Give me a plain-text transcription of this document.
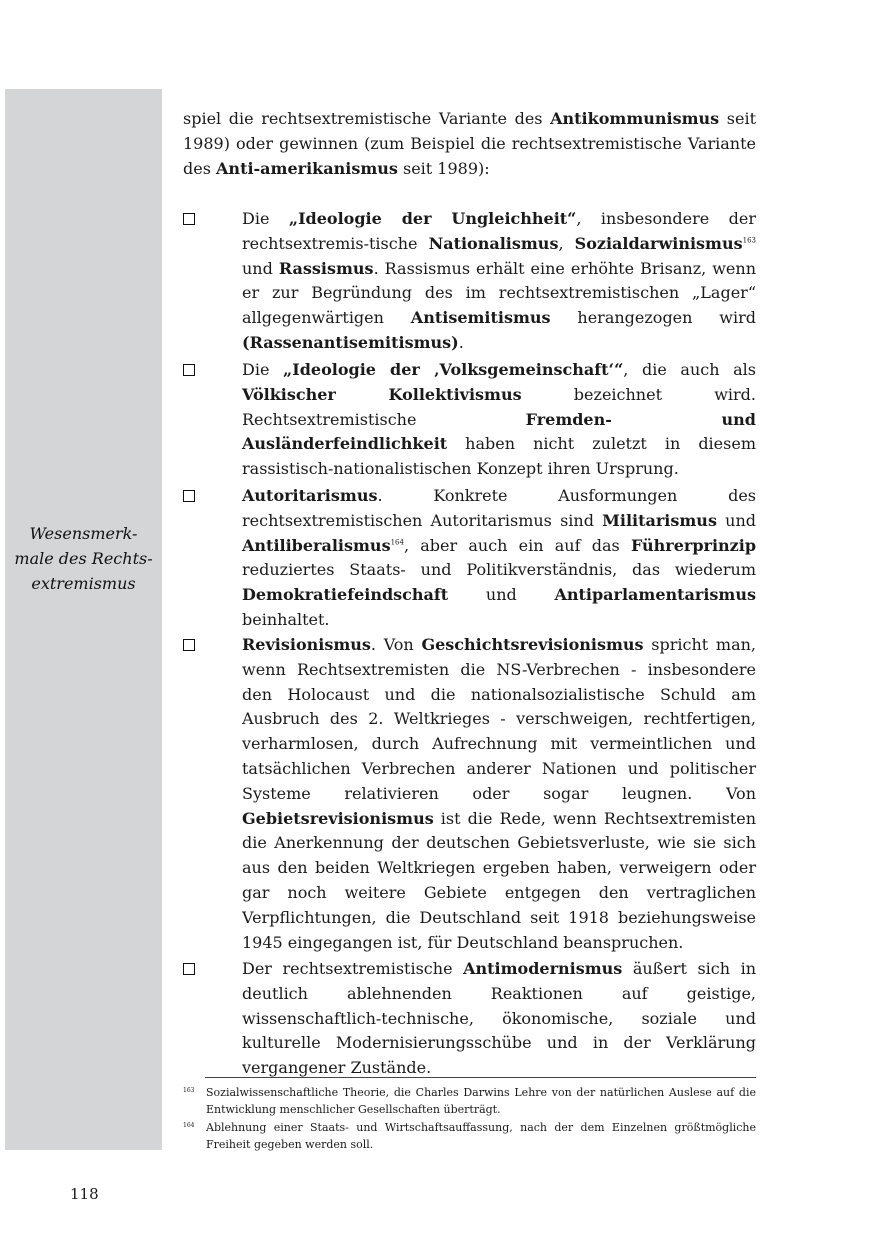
Wesensmerk-
male des Rechts-
extremismus
spiel die rechtsextremistische Variante des Antikommunismus seit 1989) oder gewinnen (zum Beispiel die rechtsextremistische Variante des Anti-amerikanismus seit 1989):
Die „Ideologie der Ungleichheit“, insbesondere der rechtsextremis-tische Nationalismus, Sozialdarwinismus$^{163}$ und Rassismus. Rassismus erhält eine erhöhte Brisanz, wenn er zur Begründung des im rechtsextremistischen „Lager“ allgegenwärtigen Antisemitismus herangezogen wird (Rassenantisemitismus).
Die „Ideologie der ‚Volksgemeinschaft‘“, die auch als Völkischer Kollektivismus bezeichnet wird. Rechtsextremistische Fremden- und Ausländerfeindlichkeit haben nicht zuletzt in diesem rassistisch-nationalistischen Konzept ihren Ursprung.
Autoritarismus. Konkrete Ausformungen des rechtsextremistischen Autoritarismus sind Militarismus und Antiliberalismus$^{164}$, aber auch ein auf das Führerprinzip reduziertes Staats- und Politikverständnis, das wiederum Demokratiefeindschaft und Antiparlamentarismus beinhaltet.
Revisionismus. Von Geschichtsrevisionismus spricht man, wenn Rechtsextremisten die NS-Verbrechen - insbesondere den Holocaust und die nationalsozialistische Schuld am Ausbruch des 2. Weltkrieges - verschweigen, rechtfertigen, verharmlosen, durch Aufrechnung mit vermeintlichen und tatsächlichen Verbrechen anderer Nationen und politischer Systeme relativieren oder sogar leugnen. Von Gebietsrevisionismus ist die Rede, wenn Rechtsextremisten die Anerkennung der deutschen Gebietsverluste, wie sie sich aus den beiden Weltkriegen ergeben haben, verweigern oder gar noch weitere Gebiete entgegen den vertraglichen Verpflichtungen, die Deutschland seit 1918 beziehungsweise 1945 eingegangen ist, für Deutschland beanspruchen.
Der rechtsextremistische Antimodernismus äußert sich in deutlich ablehnenden Reaktionen auf geistige, wissenschaftlich-technische, ökonomische, soziale und kulturelle Modernisierungsschübe und in der Verklärung vergangener Zustände.
163 Sozialwissenschaftliche Theorie, die Charles Darwins Lehre von der natürlichen Auslese auf die Entwicklung menschlicher Gesellschaften überträgt.
164 Ablehnung einer Staats- und Wirtschaftsauffassung, nach der dem Einzelnen größtmögliche Freiheit gegeben werden soll.
118
